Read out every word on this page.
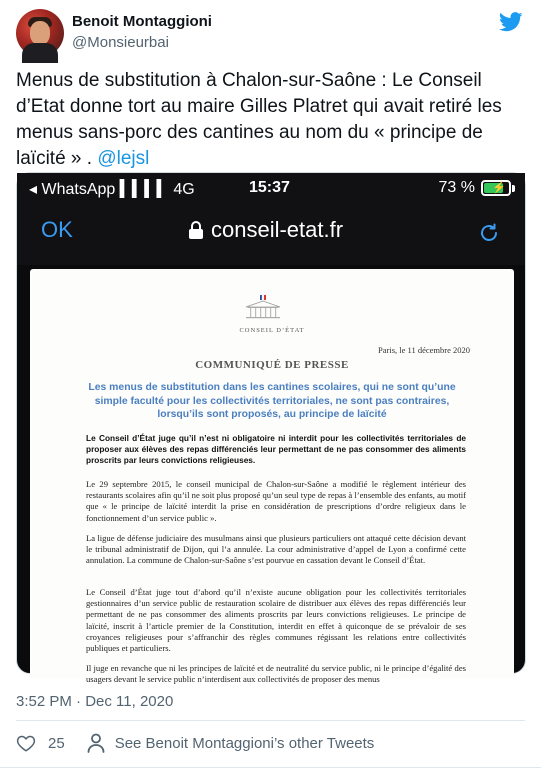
Benoit Montaggioni
@Monsieurbai
Menus de substitution à Chalon-sur-Saône : Le Conseil d’Etat donne tort au maire Gilles Platret qui avait retiré les menus sans-porc des cantines au nom du « principe de laïcité » . @lejsl
◂ WhatsApp ▍▍▍▍ 4G	15:37	73 % ⚡
OK	conseil-etat.fr
CONSEIL D’ÉTAT
Paris, le 11 décembre 2020
COMMUNIQUÉ DE PRESSE
Les menus de substitution dans les cantines scolaires, qui ne sont qu’une simple faculté pour les collectivités territoriales, ne sont pas contraires, lorsqu’ils sont proposés, au principe de laïcité
Le Conseil d’État juge qu’il n’est ni obligatoire ni interdit pour les collectivités territoriales de proposer aux élèves des repas différenciés leur permettant de ne pas consommer des aliments proscrits par leurs convictions religieuses.
Le 29 septembre 2015, le conseil municipal de Chalon-sur-Saône a modifié le règlement intérieur des restaurants scolaires afin qu’il ne soit plus proposé qu’un seul type de repas à l’ensemble des enfants, au motif que « le principe de laïcité interdit la prise en considération de prescriptions d’ordre religieux dans le fonctionnement d’un service public ».
La ligue de défense judiciaire des musulmans ainsi que plusieurs particuliers ont attaqué cette décision devant le tribunal administratif de Dijon, qui l’a annulée. La cour administrative d’appel de Lyon a confirmé cette annulation. La commune de Chalon-sur-Saône s’est pourvue en cassation devant le Conseil d’État.
Le Conseil d’État juge tout d’abord qu’il n’existe aucune obligation pour les collectivités territoriales gestionnaires d’un service public de restauration scolaire de distribuer aux élèves des repas différenciés leur permettant de ne pas consommer des aliments proscrits par leurs convictions religieuses. Le principe de laïcité, inscrit à l’article premier de la Constitution, interdit en effet à quiconque de se prévaloir de ses croyances religieuses pour s’affranchir des règles communes régissant les relations entre collectivités publiques et particuliers.
Il juge en revanche que ni les principes de laïcité et de neutralité du service public, ni le principe d’égalité des usagers devant le service public n’interdisent aux collectivités de proposer des menus
3:52 PM · Dec 11, 2020
25	See Benoit Montaggioni’s other Tweets
